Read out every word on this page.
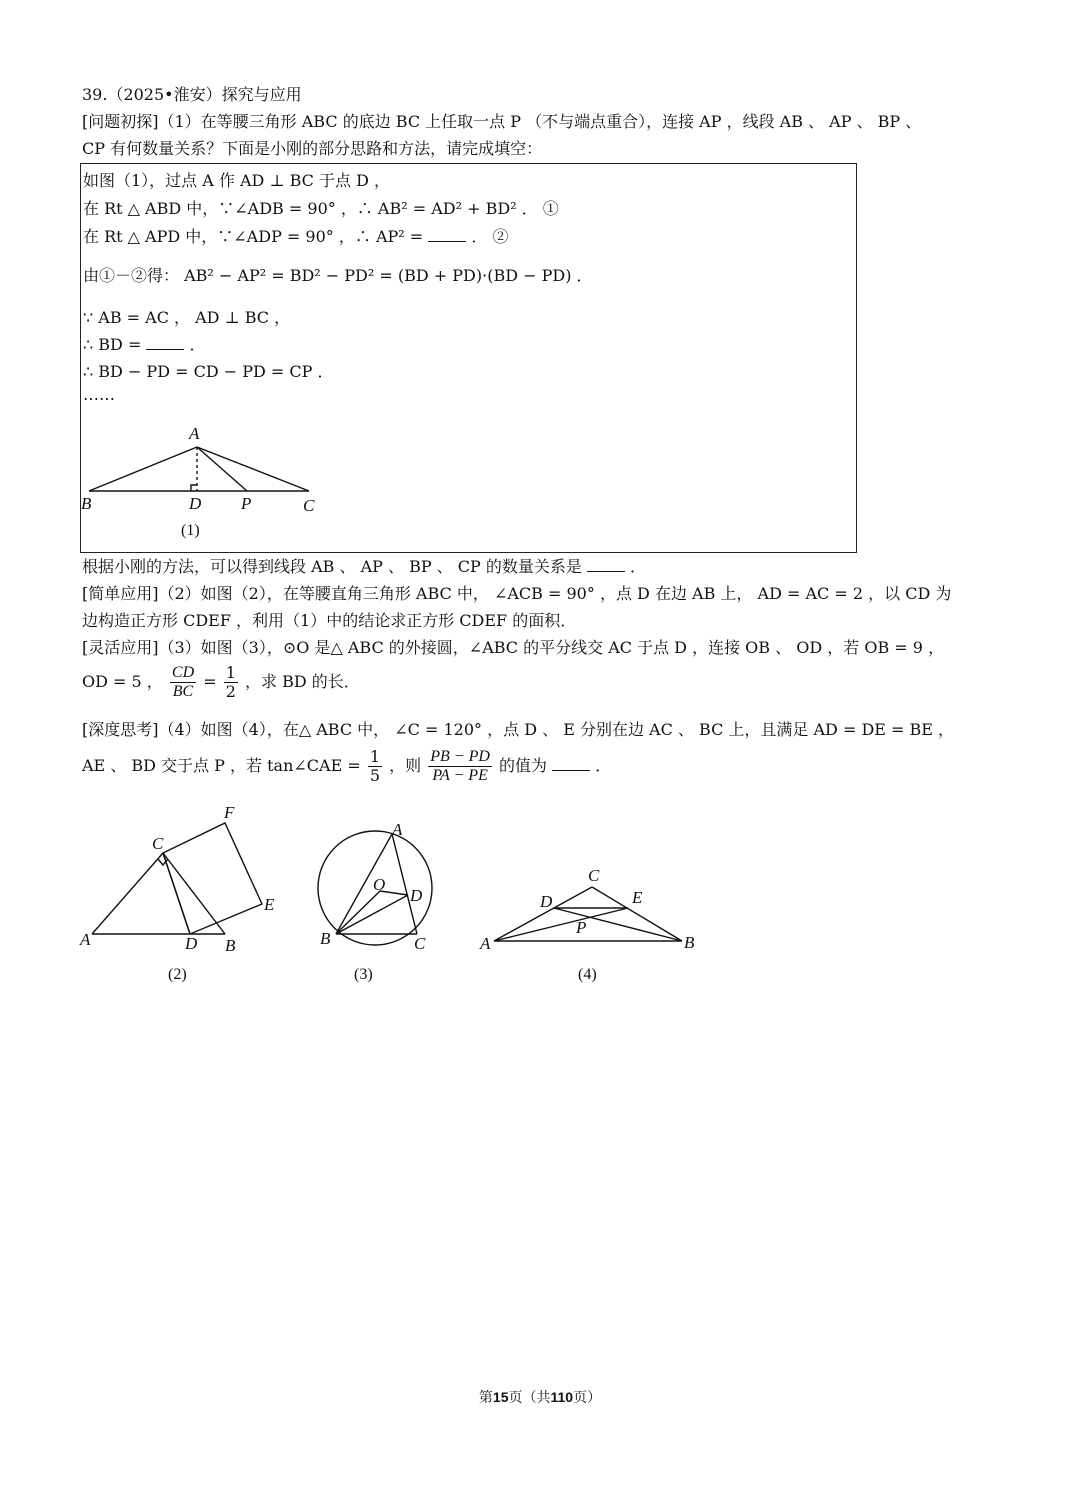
39.（2025•淮安）探究与应用
[问题初探]（1）在等腰三角形 ABC 的底边 BC 上任取一点 P （不与端点重合），连接 AP ，线段 AB 、 AP 、 BP 、
CP 有何数量关系？下面是小刚的部分思路和方法，请完成填空：
如图（1），过点 A 作 AD ⊥ BC 于点 D ，
在 Rt △ ABD 中，∵∠ADB = 90° ，∴ AB² = AD² + BD² ． ①
在 Rt △ APD 中，∵∠ADP = 90° ，∴ AP² =	． ②
由①－②得： AB² − AP² = BD² − PD² = (BD + PD)·(BD − PD) ．
∵ AB = AC ， AD ⊥ BC ，
∴ BD =	．
∴ BD − PD = CD − PD = CP ．
……
A
B	D P	C
(1)
根据小刚的方法，可以得到线段 AB 、 AP 、 BP 、 CP 的数量关系是	．
[简单应用]（2）如图（2），在等腰直角三角形 ABC 中， ∠ACB = 90° ，点 D 在边 AB 上， AD = AC = 2 ，以 CD 为
边构造正方形 CDEF ，利用（1）中的结论求正方形 CDEF 的面积．
[灵活应用]（3）如图（3），⊙O 是△ ABC 的外接圆，∠ABC 的平分线交 AC 于点 D ，连接 OB 、 OD ，若 OB = 9 ，
OD = 5 ， $\frac{CD}{BC} = \frac{1}{2}$ ，求 BD 的长．
[深度思考]（4）如图（4），在△ ABC 中， ∠C = 120° ，点 D 、 E 分别在边 AC 、 BC 上，且满足 AD = DE = BE ，
AE 、 BD 交于点 P ，若 tan∠CAE = $\frac{1}{5}$ ，则 $\frac{PB - PD}{PA - PE}$ 的值为	．
F
C
E
A	D B
(2)
A
O
D
B	C
(3)
C
D	E
P
A	B
(4)
第15页（共110页）
